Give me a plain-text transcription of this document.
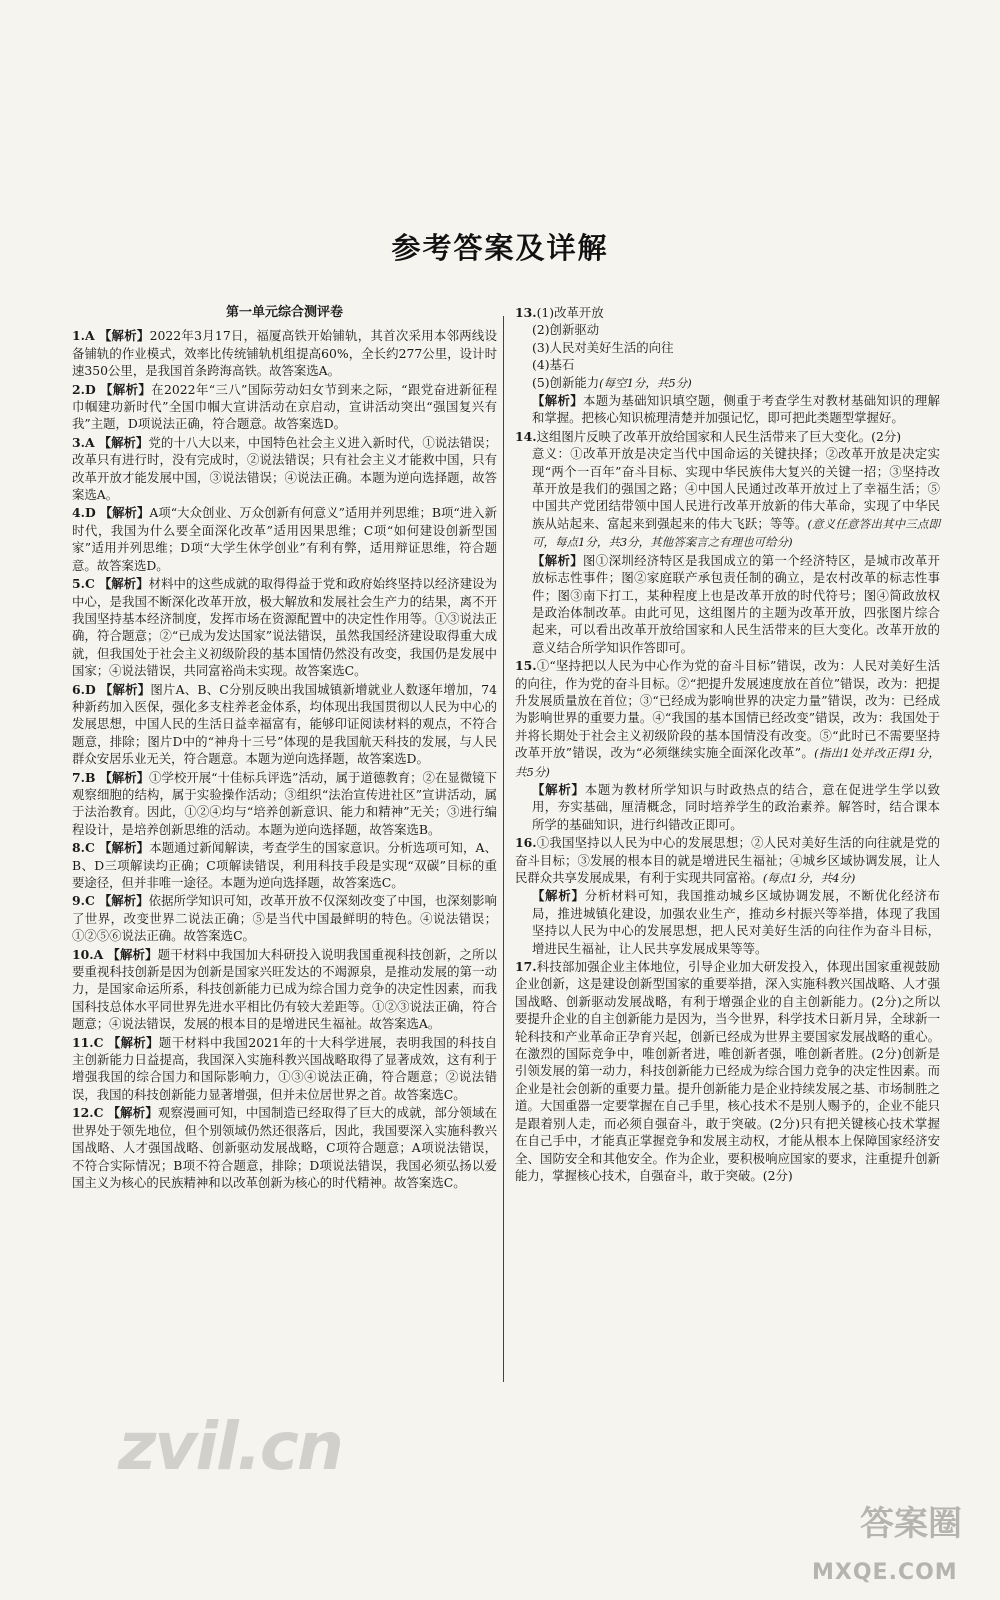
参考答案及详解
第一单元综合测评卷
1.A 【解析】2022年3月17日，福厦高铁开始铺轨，其首次采用本邻两线设备铺轨的作业模式，效率比传统铺轨机组提高60%，全长约277公里，设计时速350公里，是我国首条跨海高铁。故答案选A。
2.D 【解析】在2022年“三八”国际劳动妇女节到来之际，“跟党奋进新征程 巾帼建功新时代”全国巾帼大宣讲活动在京启动，宣讲活动突出“强国复兴有我”主题，D项说法正确，符合题意。故答案选D。
3.A 【解析】党的十八大以来，中国特色社会主义进入新时代，①说法错误；改革只有进行时，没有完成时，②说法错误；只有社会主义才能救中国，只有改革开放才能发展中国，③说法错误；④说法正确。本题为逆向选择题，故答案选A。
4.D 【解析】A项“大众创业、万众创新有何意义”适用并列思维；B项“进入新时代，我国为什么要全面深化改革”适用因果思维；C项“如何建设创新型国家”适用并列思维；D项“大学生休学创业”有利有弊，适用辩证思维，符合题意。故答案选D。
5.C 【解析】材料中的这些成就的取得得益于党和政府始终坚持以经济建设为中心，是我国不断深化改革开放，极大解放和发展社会生产力的结果，离不开我国坚持基本经济制度，发挥市场在资源配置中的决定性作用等。①③说法正确，符合题意；②“已成为发达国家”说法错误，虽然我国经济建设取得重大成就，但我国处于社会主义初级阶段的基本国情仍然没有改变，我国仍是发展中国家；④说法错误，共同富裕尚未实现。故答案选C。
6.D 【解析】图片A、B、C分别反映出我国城镇新增就业人数逐年增加，74种新药加入医保，强化多支柱养老金体系，均体现出我国贯彻以人民为中心的发展思想，中国人民的生活日益幸福富有，能够印证阅读材料的观点，不符合题意，排除；图片D中的“神舟十三号”体现的是我国航天科技的发展，与人民群众安居乐业无关，符合题意。本题为逆向选择题，故答案选D。
7.B 【解析】①学校开展“十佳标兵评选”活动，属于道德教育；②在显微镜下观察细胞的结构，属于实验操作活动；③组织“法治宣传进社区”宣讲活动，属于法治教育。因此，①②④均与“培养创新意识、能力和精神”无关；③进行编程设计，是培养创新思维的活动。本题为逆向选择题，故答案选B。
8.C 【解析】本题通过新闻解读，考查学生的国家意识。分析选项可知，A、B、D三项解读均正确；C项解读错误，利用科技手段是实现“双碳”目标的重要途径，但并非唯一途径。本题为逆向选择题，故答案选C。
9.C 【解析】依据所学知识可知，改革开放不仅深刻改变了中国，也深刻影响了世界，改变世界二说法正确；⑤是当代中国最鲜明的特色。④说法错误；①②⑤⑥说法正确。故答案选C。
10.A 【解析】题干材料中我国加大科研投入说明我国重视科技创新，之所以要重视科技创新是因为创新是国家兴旺发达的不竭源泉，是推动发展的第一动力，是国家命运所系，科技创新能力已成为综合国力竞争的决定性因素，而我国科技总体水平同世界先进水平相比仍有较大差距等。①②③说法正确，符合题意；④说法错误，发展的根本目的是增进民生福祉。故答案选A。
11.C 【解析】题干材料中我国2021年的十大科学进展，表明我国的科技自主创新能力日益提高，我国深入实施科教兴国战略取得了显著成效，这有利于增强我国的综合国力和国际影响力，①③④说法正确，符合题意；②说法错误，我国的科技创新能力显著增强，但并未位居世界之首。故答案选C。
12.C 【解析】观察漫画可知，中国制造已经取得了巨大的成就，部分领域在世界处于领先地位，但个别领域仍然还很落后，因此，我国要深入实施科教兴国战略、人才强国战略、创新驱动发展战略，C项符合题意；A项说法错误，不符合实际情况；B项不符合题意，排除；D项说法错误，我国必须弘扬以爱国主义为核心的民族精神和以改革创新为核心的时代精神。故答案选C。
13.(1)改革开放
(2)创新驱动
(3)人民对美好生活的向往
(4)基石
(5)创新能力(每空1分，共5分)
【解析】本题为基础知识填空题，侧重于考查学生对教材基础知识的理解和掌握。把核心知识梳理清楚并加强记忆，即可把此类题型掌握好。
14.这组图片反映了改革开放给国家和人民生活带来了巨大变化。(2分)
意义：①改革开放是决定当代中国命运的关键抉择；②改革开放是决定实现“两个一百年”奋斗目标、实现中华民族伟大复兴的关键一招；③坚持改革开放是我们的强国之路；④中国人民通过改革开放过上了幸福生活；⑤中国共产党团结带领中国人民进行改革开放新的伟大革命，实现了中华民族从站起来、富起来到强起来的伟大飞跃；等等。(意义任意答出其中三点即可，每点1分，共3分，其他答案言之有理也可给分)
【解析】图①深圳经济特区是我国成立的第一个经济特区，是城市改革开放标志性事件；图②家庭联产承包责任制的确立，是农村改革的标志性事件；图③南下打工，某种程度上也是改革开放的时代符号；图④简政放权是政治体制改革。由此可见，这组图片的主题为改革开放，四张图片综合起来，可以看出改革开放给国家和人民生活带来的巨大变化。改革开放的意义结合所学知识作答即可。
15.①“坚持把以人民为中心作为党的奋斗目标”错误，改为：人民对美好生活的向往，作为党的奋斗目标。②“把提升发展速度放在首位”错误，改为：把提升发展质量放在首位；③“已经成为影响世界的决定力量”错误，改为：已经成为影响世界的重要力量。④“我国的基本国情已经改变”错误，改为：我国处于并将长期处于社会主义初级阶段的基本国情没有改变。⑤“此时已不需要坚持改革开放”错误，改为“必须继续实施全面深化改革”。(指出1处并改正得1分，共5分)
【解析】本题为教材所学知识与时政热点的结合，意在促进学生学以致用，夯实基础，厘清概念，同时培养学生的政治素养。解答时，结合课本所学的基础知识，进行纠错改正即可。
16.①我国坚持以人民为中心的发展思想；②人民对美好生活的向往就是党的奋斗目标；③发展的根本目的就是增进民生福祉；④城乡区域协调发展，让人民群众共享发展成果，有利于实现共同富裕。(每点1分，共4分)
【解析】分析材料可知，我国推动城乡区域协调发展，不断优化经济布局，推进城镇化建设，加强农业生产，推动乡村振兴等举措，体现了我国坚持以人民为中心的发展思想，把人民对美好生活的向往作为奋斗目标，增进民生福祉，让人民共享发展成果等等。
17.科技部加强企业主体地位，引导企业加大研发投入，体现出国家重视鼓励企业创新，这是建设创新型国家的重要举措，深入实施科教兴国战略、人才强国战略、创新驱动发展战略，有利于增强企业的自主创新能力。(2分)之所以要提升企业的自主创新能力是因为，当今世界，科学技术日新月异，全球新一轮科技和产业革命正孕育兴起，创新已经成为世界主要国家发展战略的重心。在激烈的国际竞争中，唯创新者进，唯创新者强，唯创新者胜。(2分)创新是引领发展的第一动力，科技创新能力已经成为综合国力竞争的决定性因素。而企业是社会创新的重要力量。提升创新能力是企业持续发展之基、市场制胜之道。大国重器一定要掌握在自己手里，核心技术不是别人赐予的，企业不能只是跟着别人走，而必须自强奋斗，敢于突破。(2分)只有把关键核心技术掌握在自己手中，才能真正掌握竞争和发展主动权，才能从根本上保障国家经济安全、国防安全和其他安全。作为企业，要积极响应国家的要求，注重提升创新能力，掌握核心技术，自强奋斗，敢于突破。(2分)
zvil.cn
答案圈
MXQE.COM
